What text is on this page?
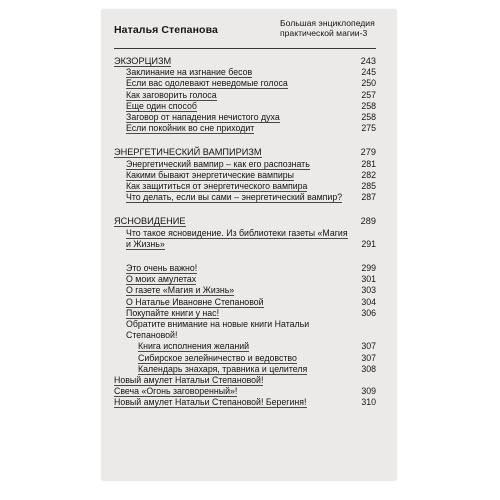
Наталья Степанова
Большая энциклопедия практической магии-3
ЭКЗОРЦИЗМ	243
Заклинание на изгнание бесов	245
Если вас одолевают неведомые голоса	250
Как заговорить голоса	257
Еще один способ	258
Заговор от нападения нечистого духа	258
Если покойник во сне приходит	275
ЭНЕРГЕТИЧЕСКИЙ ВАМПИРИЗМ	279
Энергетический вампир – как его распознать	281
Какими бывают энергетические вампиры	282
Как защититься от энергетического вампира	285
Что делать, если вы сами – энергетический вампир?	287
ЯСНОВИДЕНИЕ	289
Что такое ясновидение. Из библиотеки газеты «Магия и Жизнь»	291
Это очень важно!	299
О моих амулетах	301
О газете «Магия и Жизнь»	303
О Наталье Ивановне Степановой	304
Покупайте книги у нас!	306
Обратите внимание на новые книги Натальи Степановой!
Книга исполнения желаний	307
Сибирское зелейничество и ведовство	307
Календарь знахаря, травника и целителя	308
Новый амулет Натальи Степановой!
Свеча «Огонь заговоренный»!	309
Новый амулет Натальи Степановой! Берегиня!	310
